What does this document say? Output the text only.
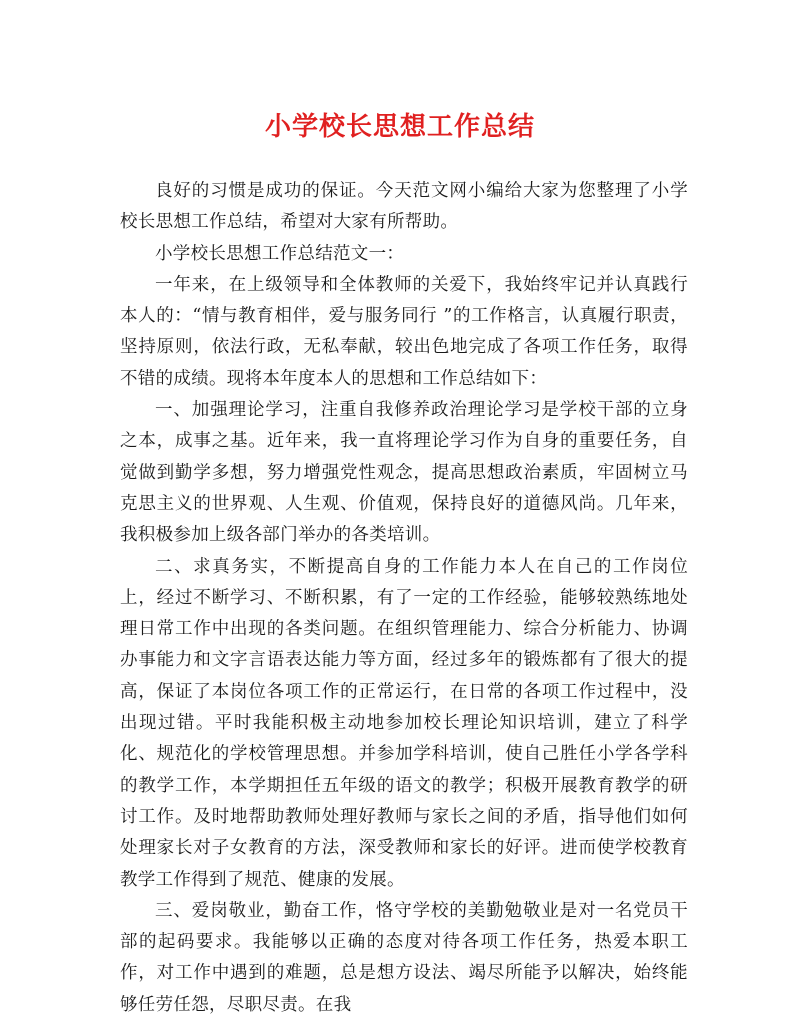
小学校长思想工作总结

良好的习惯是成功的保证。今天范文网小编给大家为您整理了小学校长思想工作总结，希望对大家有所帮助。

小学校长思想工作总结范文一：

一年来，在上级领导和全体教师的关爱下，我始终牢记并认真践行本人的：“情与教育相伴，爱与服务同行 ”的工作格言，认真履行职责，坚持原则，依法行政，无私奉献，较出色地完成了各项工作任务，取得不错的成绩。现将本年度本人的思想和工作总结如下：

一、加强理论学习，注重自我修养政治理论学习是学校干部的立身之本，成事之基。近年来，我一直将理论学习作为自身的重要任务，自觉做到勤学多想，努力增强党性观念，提高思想政治素质，牢固树立马克思主义的世界观、人生观、价值观，保持良好的道德风尚。几年来，我积极参加上级各部门举办的各类培训。

二、求真务实，不断提高自身的工作能力本人在自己的工作岗位上，经过不断学习、不断积累，有了一定的工作经验，能够较熟练地处理日常工作中出现的各类问题。在组织管理能力、综合分析能力、协调办事能力和文字言语表达能力等方面，经过多年的锻炼都有了很大的提高，保证了本岗位各项工作的正常运行，在日常的各项工作过程中，没出现过错。平时我能积极主动地参加校长理论知识培训，建立了科学化、规范化的学校管理思想。并参加学科培训，使自己胜任小学各学科的教学工作，本学期担任五年级的语文的教学；积极开展教育教学的研讨工作。及时地帮助教师处理好教师与家长之间的矛盾，指导他们如何处理家长对子女教育的方法，深受教师和家长的好评。进而使学校教育教学工作得到了规范、健康的发展。

三、爱岗敬业，勤奋工作，恪守学校的美勤勉敬业是对一名党员干部的起码要求。我能够以正确的态度对待各项工作任务，热爱本职工作，对工作中遇到的难题，总是想方设法、竭尽所能予以解决，始终能够任劳任怨，尽职尽责。在我
